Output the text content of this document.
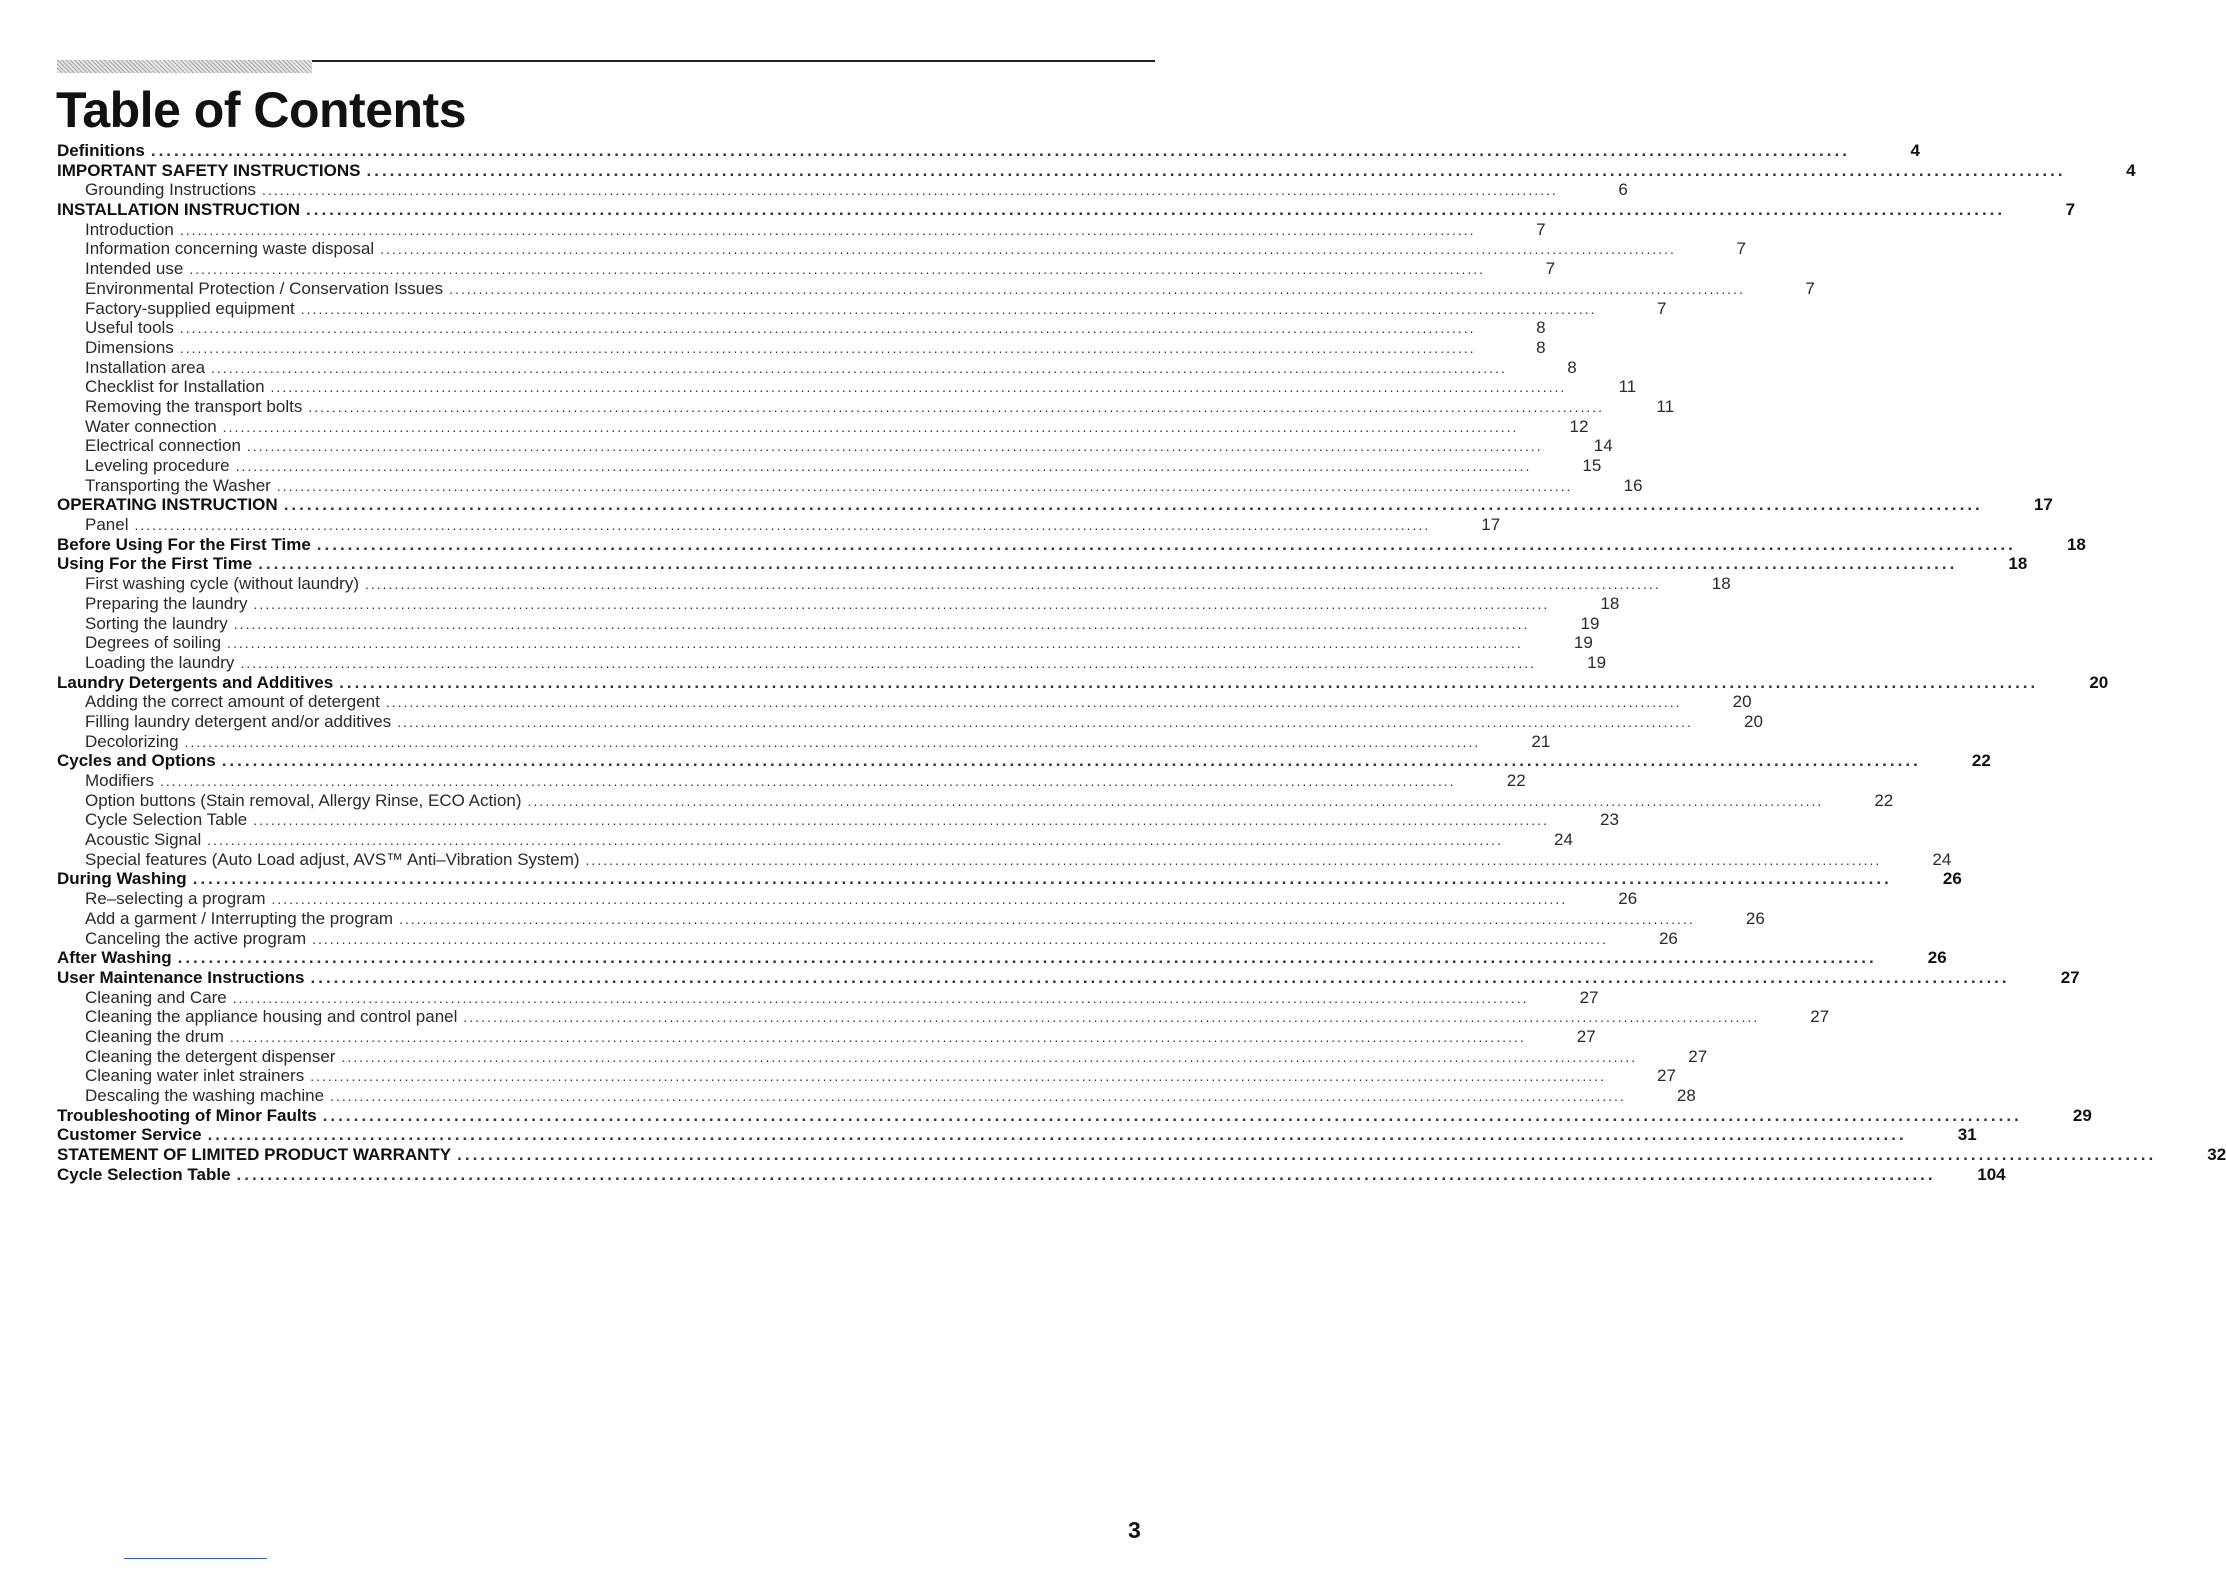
Table of Contents
Definitions ............................................................................................................................................................................................................................	4
IMPORTANT SAFETY INSTRUCTIONS ............................................................................................................................................................................................................................	4
Grounding Instructions ............................................................................................................................................................................................................................	6
INSTALLATION INSTRUCTION ............................................................................................................................................................................................................................	7
Introduction ............................................................................................................................................................................................................................	7
Information concerning waste disposal ............................................................................................................................................................................................................................	7
Intended use ............................................................................................................................................................................................................................	7
Environmental Protection / Conservation Issues ............................................................................................................................................................................................................................	7
Factory-supplied equipment ............................................................................................................................................................................................................................	7
Useful tools ............................................................................................................................................................................................................................	8
Dimensions ............................................................................................................................................................................................................................	8
Installation area ............................................................................................................................................................................................................................	8
Checklist for Installation ............................................................................................................................................................................................................................	11
Removing the transport bolts ............................................................................................................................................................................................................................	11
Water connection ............................................................................................................................................................................................................................	12
Electrical connection ............................................................................................................................................................................................................................	14
Leveling procedure ............................................................................................................................................................................................................................	15
Transporting the Washer ............................................................................................................................................................................................................................	16
OPERATING INSTRUCTION ............................................................................................................................................................................................................................	17
Panel ............................................................................................................................................................................................................................	17
Before Using For the First Time ............................................................................................................................................................................................................................	18
Using For the First Time ............................................................................................................................................................................................................................	18
First washing cycle (without laundry) ............................................................................................................................................................................................................................	18
Preparing the laundry ............................................................................................................................................................................................................................	18
Sorting the laundry ............................................................................................................................................................................................................................	19
Degrees of soiling ............................................................................................................................................................................................................................	19
Loading the laundry ............................................................................................................................................................................................................................	19
Laundry Detergents and Additives ............................................................................................................................................................................................................................	20
Adding the correct amount of detergent ............................................................................................................................................................................................................................	20
Filling laundry detergent and/or additives ............................................................................................................................................................................................................................	20
Decolorizing ............................................................................................................................................................................................................................	21
Cycles and Options ............................................................................................................................................................................................................................	22
Modifiers ............................................................................................................................................................................................................................	22
Option buttons (Stain removal, Allergy Rinse, ECO Action) ............................................................................................................................................................................................................................	22
Cycle Selection Table ............................................................................................................................................................................................................................	23
Acoustic Signal ............................................................................................................................................................................................................................	24
Special features (Auto Load adjust, AVS™ Anti–Vibration System) ............................................................................................................................................................................................................................	24
During Washing ............................................................................................................................................................................................................................	26
Re–selecting a program ............................................................................................................................................................................................................................	26
Add a garment / Interrupting the program ............................................................................................................................................................................................................................	26
Canceling the active program ............................................................................................................................................................................................................................	26
After Washing ............................................................................................................................................................................................................................	26
User Maintenance Instructions ............................................................................................................................................................................................................................	27
Cleaning and Care ............................................................................................................................................................................................................................	27
Cleaning the appliance housing and control panel ............................................................................................................................................................................................................................	27
Cleaning the drum ............................................................................................................................................................................................................................	27
Cleaning the detergent dispenser ............................................................................................................................................................................................................................	27
Cleaning water inlet strainers ............................................................................................................................................................................................................................	27
Descaling the washing machine ............................................................................................................................................................................................................................	28
Troubleshooting of Minor Faults ............................................................................................................................................................................................................................	29
Customer Service ............................................................................................................................................................................................................................	31
STATEMENT OF LIMITED PRODUCT WARRANTY ............................................................................................................................................................................................................................	32
Cycle Selection Table ............................................................................................................................................................................................................................	104
3
